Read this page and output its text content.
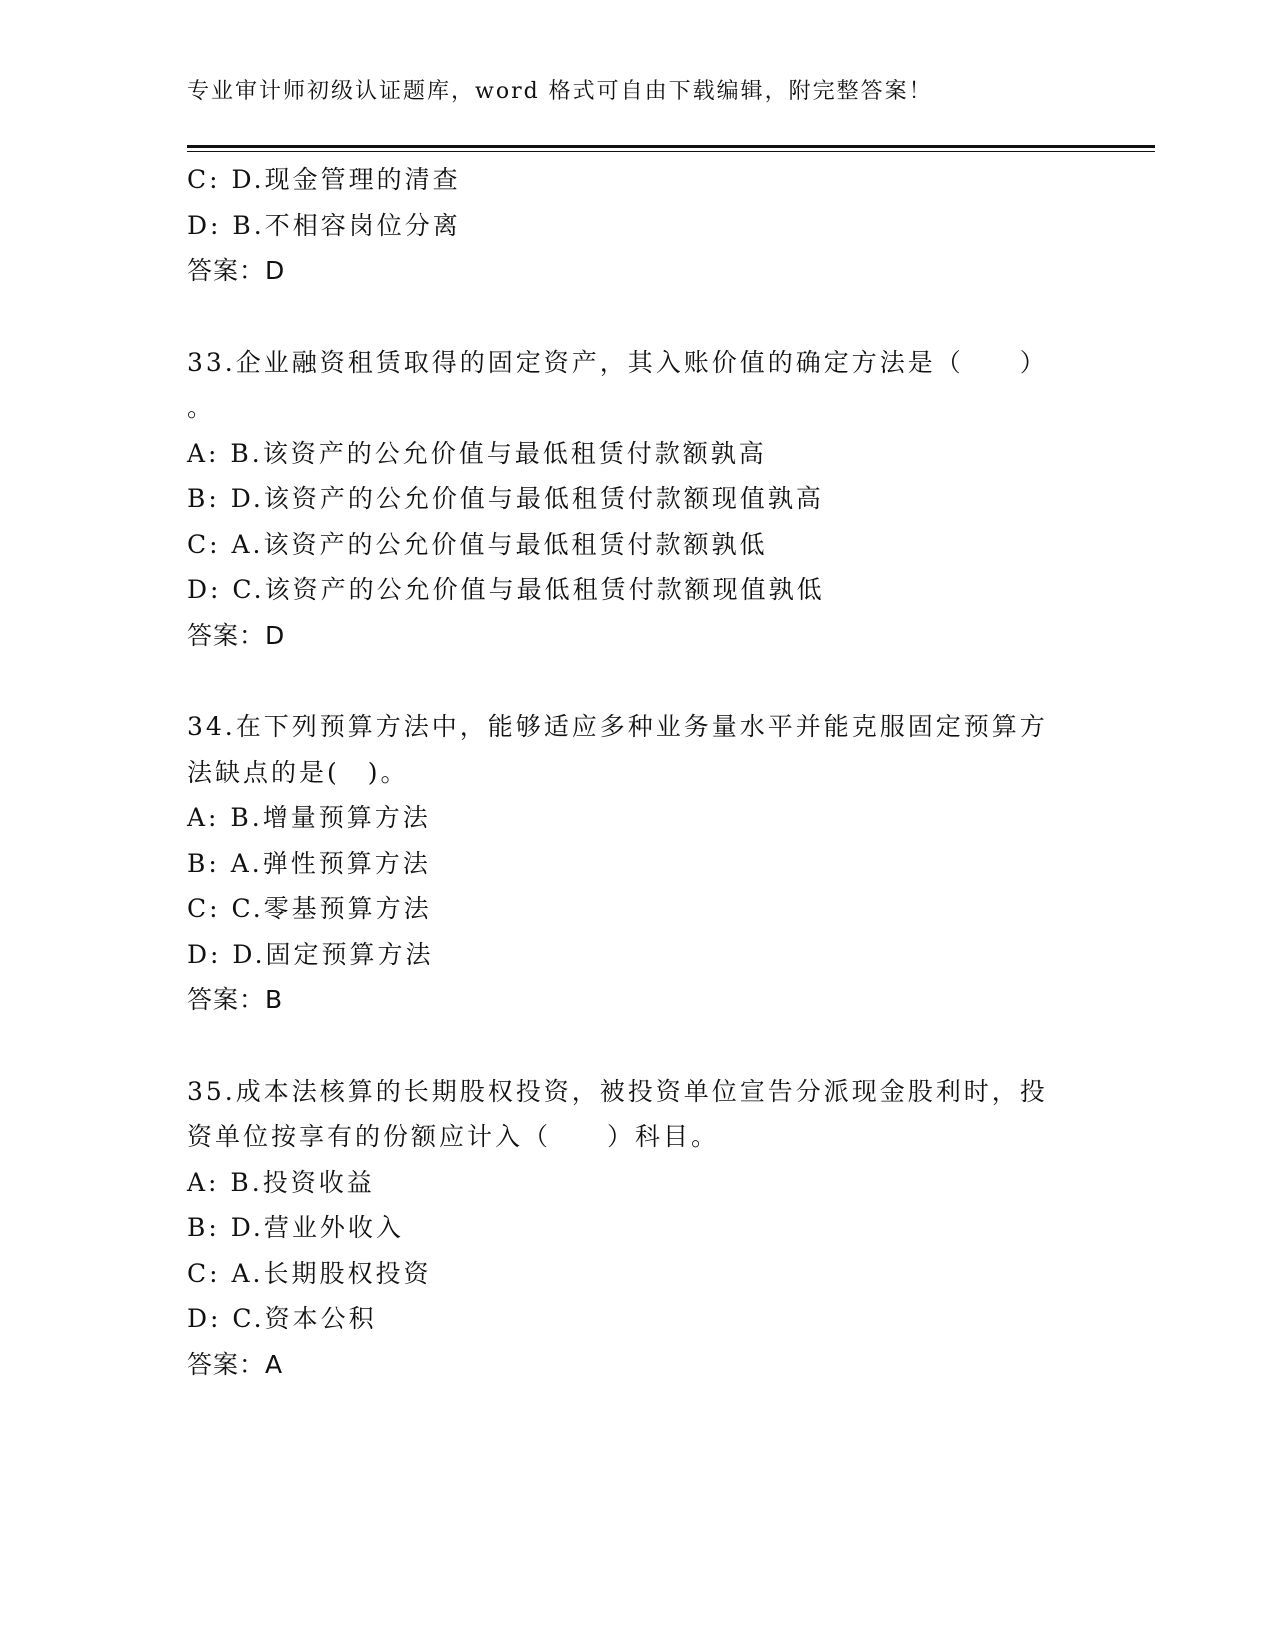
专业审计师初级认证题库，word 格式可自由下载编辑，附完整答案！
C: D.现金管理的清查
D: B.不相容岗位分离
答案：D
33.企业融资租赁取得的固定资产，其入账价值的确定方法是（　　）
。
A: B.该资产的公允价值与最低租赁付款额孰高
B: D.该资产的公允价值与最低租赁付款额现值孰高
C: A.该资产的公允价值与最低租赁付款额孰低
D: C.该资产的公允价值与最低租赁付款额现值孰低
答案：D
34.在下列预算方法中，能够适应多种业务量水平并能克服固定预算方
法缺点的是(　)。
A: B.增量预算方法
B: A.弹性预算方法
C: C.零基预算方法
D: D.固定预算方法
答案：B
35.成本法核算的长期股权投资，被投资单位宣告分派现金股利时，投
资单位按享有的份额应计入（　　）科目。
A: B.投资收益
B: D.营业外收入
C: A.长期股权投资
D: C.资本公积
答案：A
